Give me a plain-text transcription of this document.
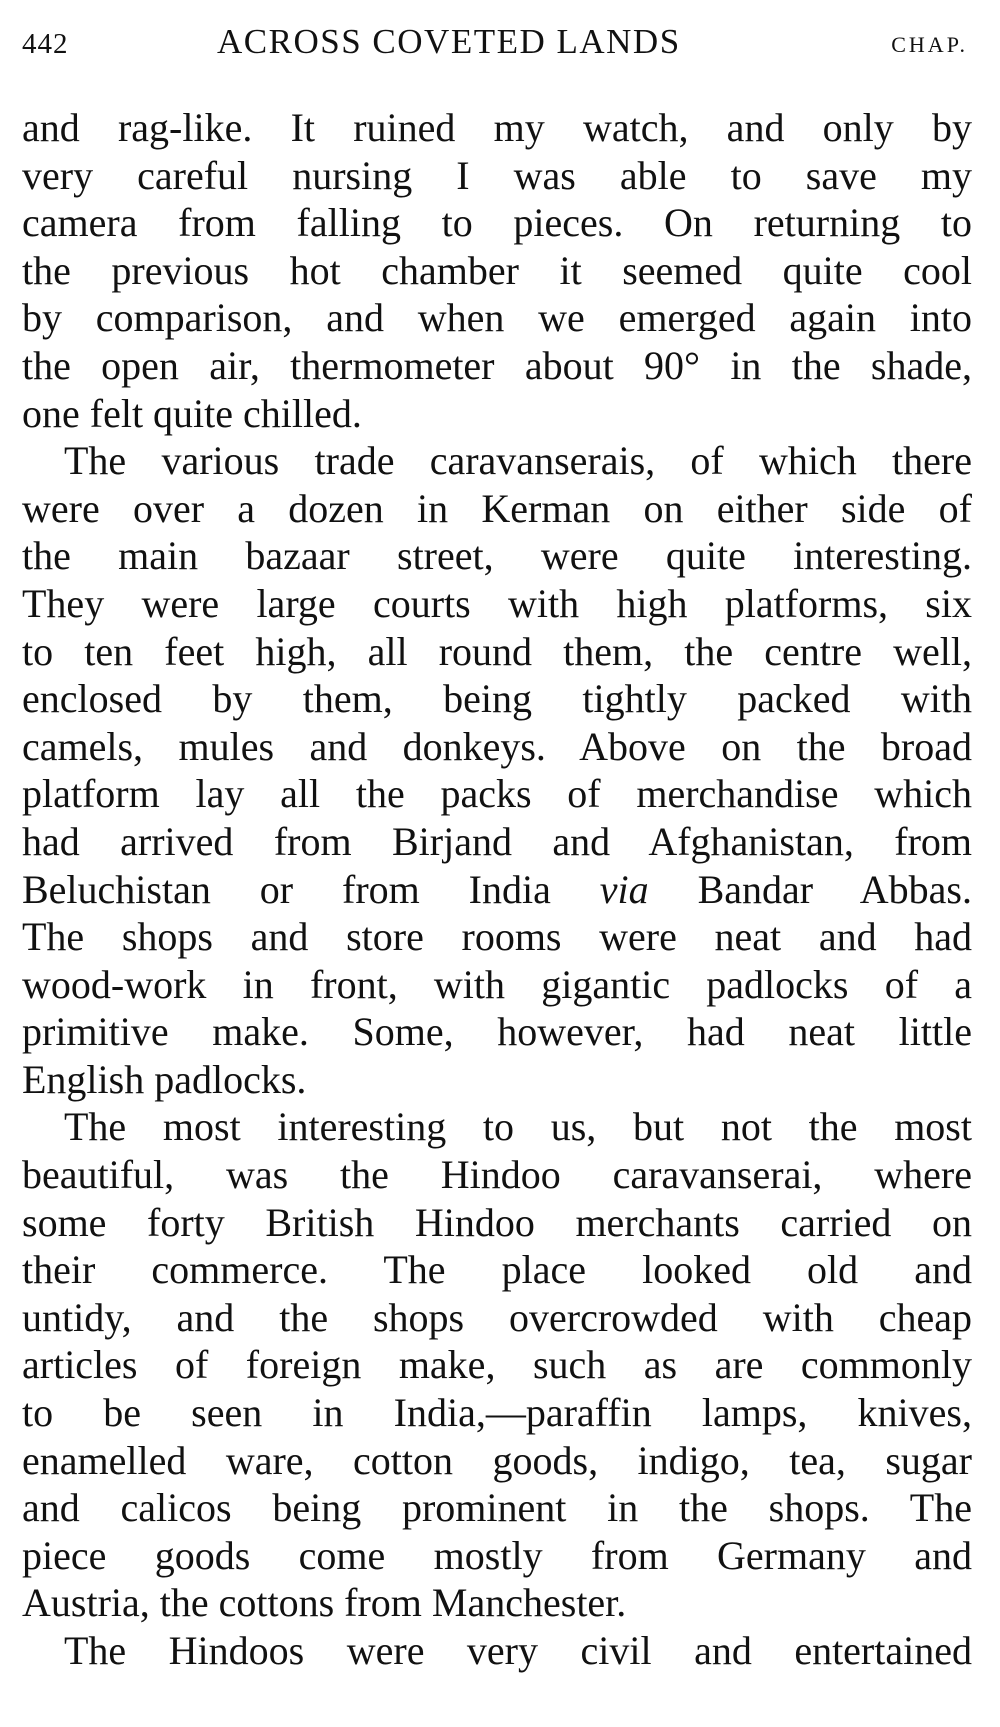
442	ACROSS COVETED LANDS	CHAP.
and rag-like. It ruined my watch, and only by
very careful nursing I was able to save my
camera from falling to pieces. On returning to
the previous hot chamber it seemed quite cool
by comparison, and when we emerged again into
the open air, thermometer about 90° in the shade,
one felt quite chilled.
The various trade caravanserais, of which there
were over a dozen in Kerman on either side of
the main bazaar street, were quite interesting.
They were large courts with high platforms, six
to ten feet high, all round them, the centre well,
enclosed by them, being tightly packed with
camels, mules and donkeys. Above on the broad
platform lay all the packs of merchandise which
had arrived from Birjand and Afghanistan, from
Beluchistan or from India via Bandar Abbas.
The shops and store rooms were neat and had
wood-work in front, with gigantic padlocks of a
primitive make. Some, however, had neat little
English padlocks.
The most interesting to us, but not the most
beautiful, was the Hindoo caravanserai, where
some forty British Hindoo merchants carried on
their commerce. The place looked old and
untidy, and the shops overcrowded with cheap
articles of foreign make, such as are commonly
to be seen in India,—paraffin lamps, knives,
enamelled ware, cotton goods, indigo, tea, sugar
and calicos being prominent in the shops. The
piece goods come mostly from Germany and
Austria, the cottons from Manchester.
The Hindoos were very civil and entertained
